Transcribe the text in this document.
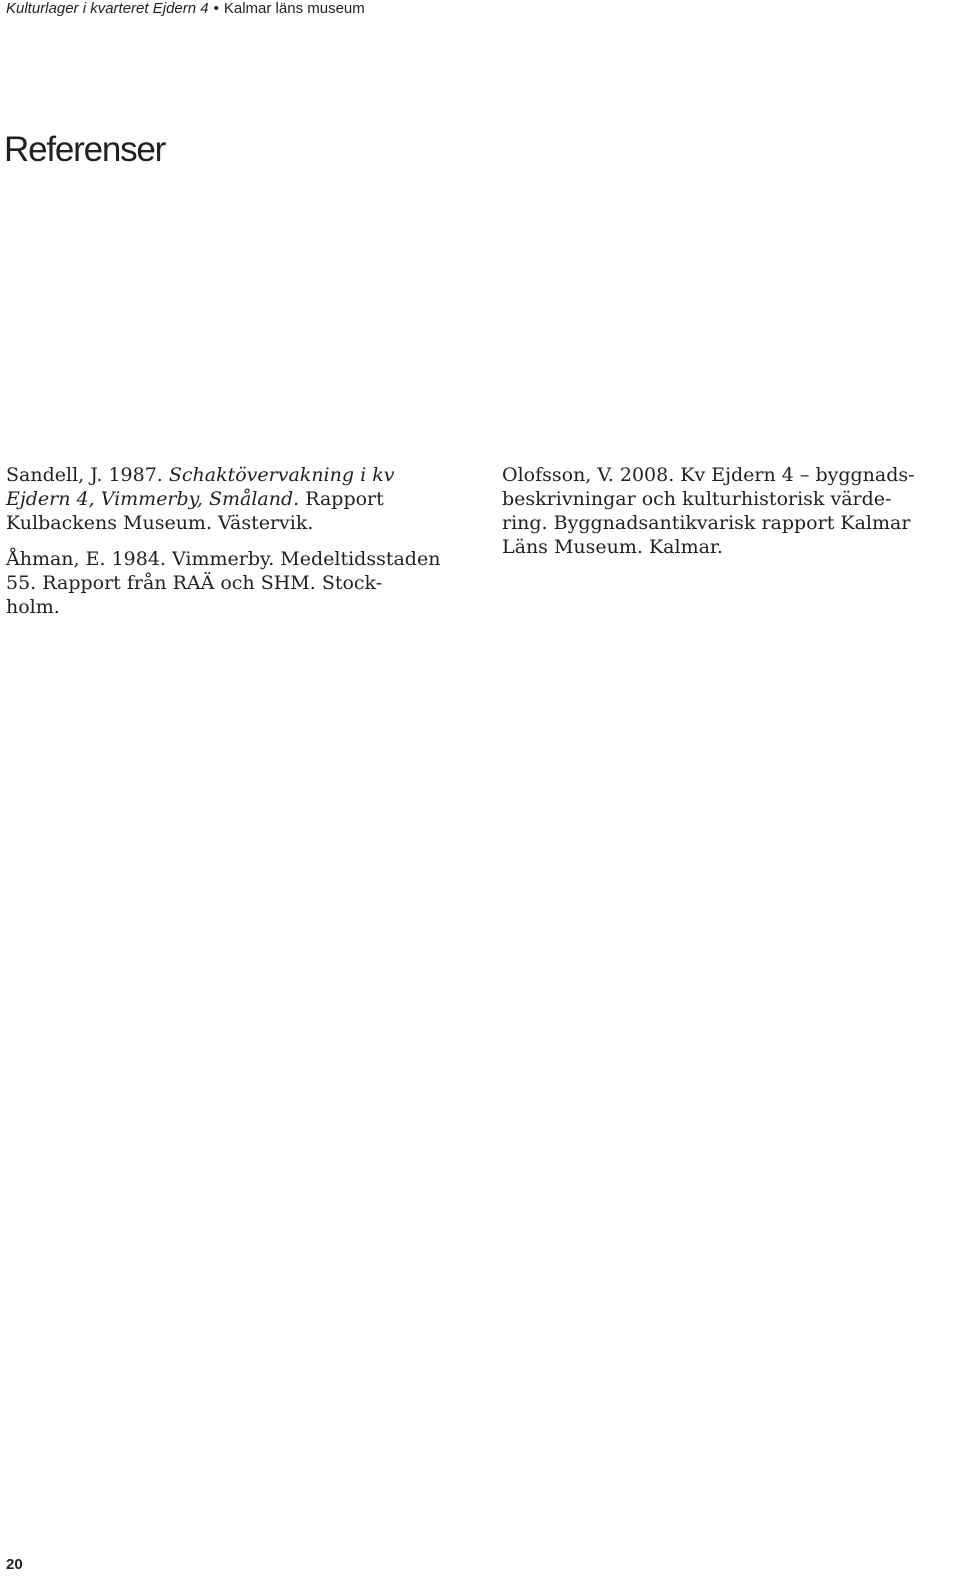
Kulturlager i kvarteret Ejdern 4 • Kalmar läns museum
Referenser

Sandell, J. 1987. Schaktövervakning i kv
Ejdern 4, Vimmerby, Småland. Rapport
Kulbackens Museum. Västervik.

Åhman, E. 1984. Vimmerby. Medeltidsstaden
55. Rapport från RAÄ och SHM. Stock-
holm.

Olofsson, V. 2008. Kv Ejdern 4 – byggnads-
beskrivningar och kulturhistorisk värde-
ring. Byggnadsantikvarisk rapport Kalmar
Läns Museum. Kalmar.

20
